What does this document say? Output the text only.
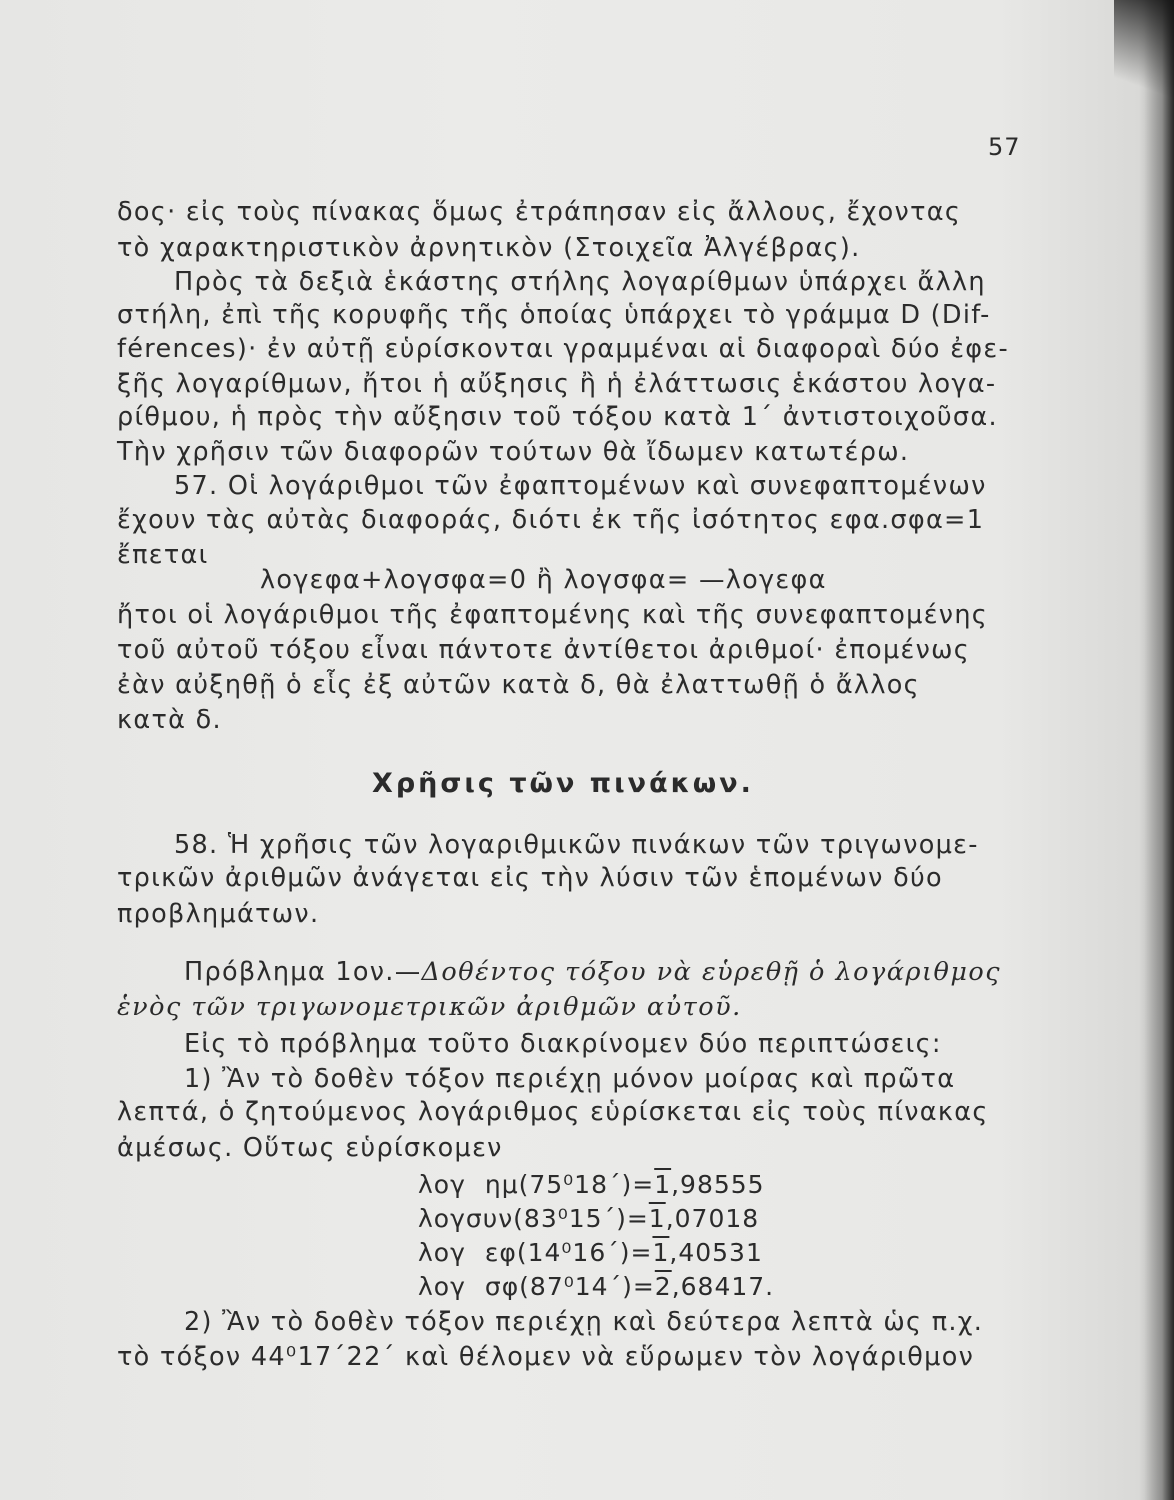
57
δος· εἰς τοὺς πίνακας ὅμως ἐτράπησαν εἰς ἄλλους, ἔχοντας
τὸ χαρακτηριστικὸν ἀρνητικὸν (Στοιχεῖα Ἀλγέβρας).
Πρὸς τὰ δεξιὰ ἑκάστης στήλης λογαρίθμων ὑπάρχει ἄλλη
στήλη, ἐπὶ τῆς κορυφῆς τῆς ὁποίας ὑπάρχει τὸ γράμμα D (Dif-
férences)· ἐν αὐτῇ εὑρίσκονται γραμμέναι αἱ διαφοραὶ δύο ἐφε-
ξῆς λογαρίθμων, ἤτοι ἡ αὔξησις ἢ ἡ ἐλάττωσις ἑκάστου λογα-
ρίθμου, ἡ πρὸς τὴν αὔξησιν τοῦ τόξου κατὰ 1΄ ἀντιστοιχοῦσα.
Τὴν χρῆσιν τῶν διαφορῶν τούτων θὰ ἴδωμεν κατωτέρω.
57. Οἱ λογάριθμοι τῶν ἐφαπτομένων καὶ συνεφαπτομένων
ἔχουν τὰς αὐτὰς διαφοράς, διότι ἐκ τῆς ἰσότητος εφα.σφα=1
ἔπεται
λογεφα+λογσφα=0 ἢ λογσφα= —λογεφα
ἤτοι οἱ λογάριθμοι τῆς ἐφαπτομένης καὶ τῆς συνεφαπτομένης
τοῦ αὐτοῦ τόξου εἶναι πάντοτε ἀντίθετοι ἀριθμοί· ἐπομένως
ἐὰν αὐξηθῇ ὁ εἷς ἐξ αὐτῶν κατὰ δ, θὰ ἐλαττωθῇ ὁ ἄλλος
κατὰ δ.
Χρῆσις τῶν πινάκων.
58. Ἡ χρῆσις τῶν λογαριθμικῶν πινάκων τῶν τριγωνομε-
τρικῶν ἀριθμῶν ἀνάγεται εἰς τὴν λύσιν τῶν ἑπομένων δύο
προβλημάτων.
Πρόβλημα 1ον.—Δοθέντος τόξου νὰ εὑρεθῇ ὁ λογάριθμος
ἑνὸς τῶν τριγωνομετρικῶν ἀριθμῶν αὐτοῦ.
Εἰς τὸ πρόβλημα τοῦτο διακρίνομεν δύο περιπτώσεις:
1) Ἂν τὸ δοθὲν τόξον περιέχῃ μόνον μοίρας καὶ πρῶτα
λεπτά, ὁ ζητούμενος λογάριθμος εὑρίσκεται εἰς τοὺς πίνακας
ἀμέσως. Οὕτως εὑρίσκομεν
λογ ημ(75⁰18΄)=1,98555
λογσυν(83⁰15΄)=1,07018
λογ εφ(14⁰16΄)=1,40531
λογ σφ(87⁰14΄)=2,68417.
2) Ἂν τὸ δοθὲν τόξον περιέχῃ καὶ δεύτερα λεπτὰ ὡς π.χ.
τὸ τόξον 44⁰17΄22΄ καὶ θέλομεν νὰ εὕρωμεν τὸν λογάριθμον
